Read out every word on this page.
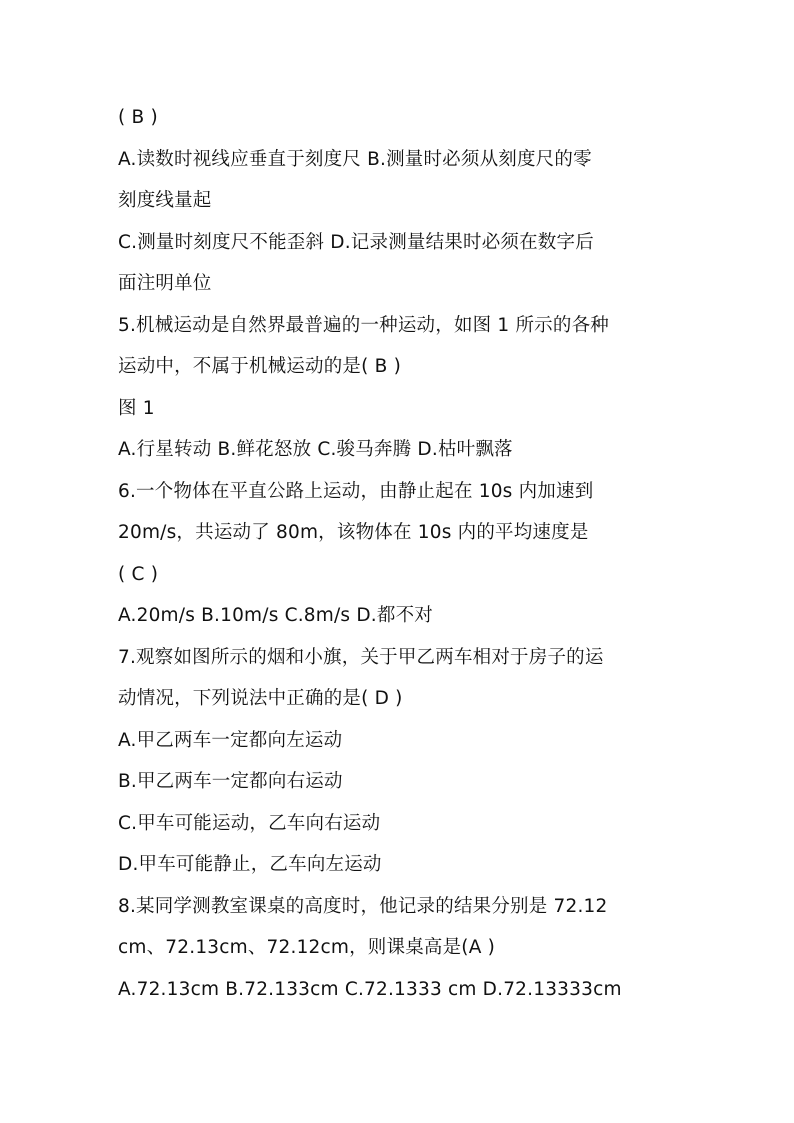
( B )
A.读数时视线应垂直于刻度尺 B.测量时必须从刻度尺的零
刻度线量起
C.测量时刻度尺不能歪斜 D.记录测量结果时必须在数字后
面注明单位
5.机械运动是自然界最普遍的一种运动，如图 1 所示的各种
运动中，不属于机械运动的是( B )
图 1
A.行星转动 B.鲜花怒放 C.骏马奔腾 D.枯叶飘落
6.一个物体在平直公路上运动，由静止起在 10s 内加速到
20m/s，共运动了 80m，该物体在 10s 内的平均速度是
( C )
A.20m/s B.10m/s C.8m/s D.都不对
7.观察如图所示的烟和小旗，关于甲乙两车相对于房子的运
动情况，下列说法中正确的是( D )
A.甲乙两车一定都向左运动
B.甲乙两车一定都向右运动
C.甲车可能运动，乙车向右运动
D.甲车可能静止，乙车向左运动
8.某同学测教室课桌的高度时，他记录的结果分别是 72.12
cm、72.13cm、72.12cm，则课桌高是(A )
A.72.13cm B.72.133cm C.72.1333 cm D.72.13333cm
